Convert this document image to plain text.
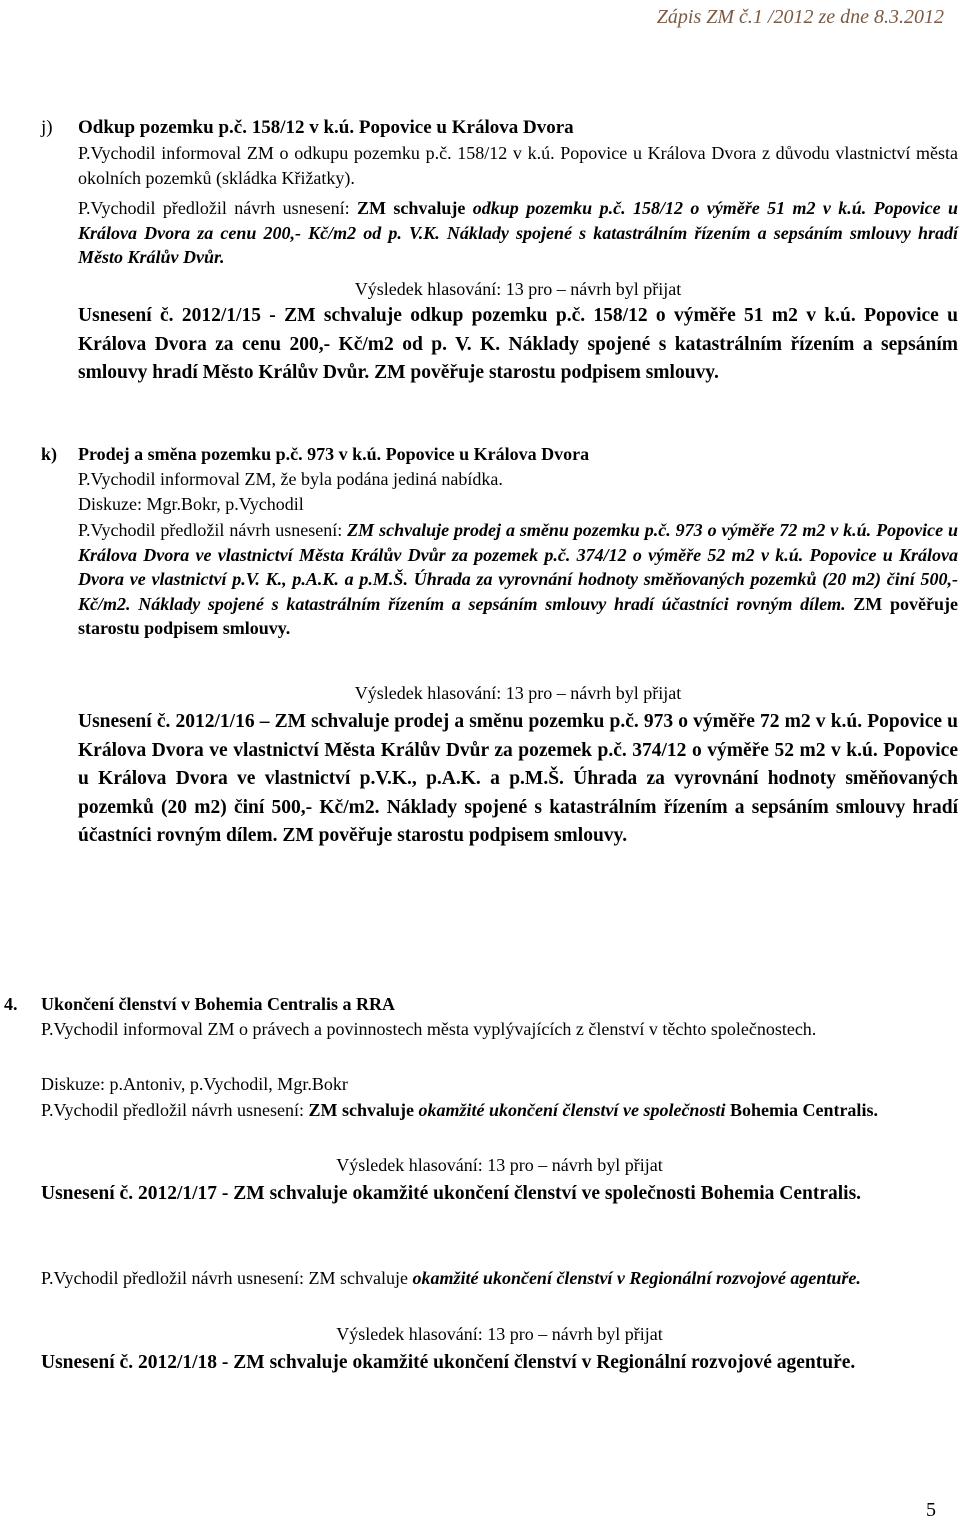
Zápis ZM č.1 /2012 ze dne 8.3.2012
j) Odkup pozemku p.č. 158/12 v k.ú. Popovice u Králova Dvora

P.Vychodil informoval ZM o odkupu pozemku p.č. 158/12 v k.ú. Popovice u Králova Dvora z důvodu vlastnictví města okolních pozemků (skládka Křižatky).

P.Vychodil předložil návrh usnesení: ZM schvaluje odkup pozemku p.č. 158/12 o výměře 51 m2 v k.ú. Popovice u Králova Dvora za cenu 200,- Kč/m2 od p. V.K. Náklady spojené s katastrálním řízením a sepsáním smlouvy hradí Město Králův Dvůr.

Výsledek hlasování: 13 pro – návrh byl přijat

Usnesení č. 2012/1/15 - ZM schvaluje odkup pozemku p.č. 158/12 o výměře 51 m2 v k.ú. Popovice u Králova Dvora za cenu 200,- Kč/m2 od p. V. K. Náklady spojené s katastrálním řízením a sepsáním smlouvy hradí Město Králův Dvůr. ZM pověřuje starostu podpisem smlouvy.

k) Prodej a směna pozemku p.č. 973 v k.ú. Popovice u Králova Dvora

P.Vychodil informoval ZM, že byla podána jediná nabídka.

Diskuze: Mgr.Bokr, p.Vychodil

P.Vychodil předložil návrh usnesení: ZM schvaluje prodej a směnu pozemku p.č. 973 o výměře 72 m2 v k.ú. Popovice u Králova Dvora ve vlastnictví Města Králův Dvůr za pozemek p.č. 374/12 o výměře 52 m2 v k.ú. Popovice u Králova Dvora ve vlastnictví p.V. K., p.A.K. a p.M.Š. Úhrada za vyrovnání hodnoty směňovaných pozemků (20 m2) činí 500,- Kč/m2. Náklady spojené s katastrálním řízením a sepsáním smlouvy hradí účastníci rovným dílem. ZM pověřuje starostu podpisem smlouvy.

Výsledek hlasování: 13 pro – návrh byl přijat

Usnesení č. 2012/1/16 – ZM schvaluje prodej a směnu pozemku p.č. 973 o výměře 72 m2 v k.ú. Popovice u Králova Dvora ve vlastnictví Města Králův Dvůr za pozemek p.č. 374/12 o výměře 52 m2 v k.ú. Popovice u Králova Dvora ve vlastnictví p.V.K., p.A.K. a p.M.Š. Úhrada za vyrovnání hodnoty směňovaných pozemků (20 m2) činí 500,- Kč/m2. Náklady spojené s katastrálním řízením a sepsáním smlouvy hradí účastníci rovným dílem. ZM pověřuje starostu podpisem smlouvy.

4. Ukončení členství v Bohemia Centralis a RRA

P.Vychodil informoval ZM o právech a povinnostech města vyplývajících z členství v těchto společnostech.

Diskuze: p.Antoniv, p.Vychodil, Mgr.Bokr

P.Vychodil předložil návrh usnesení: ZM schvaluje okamžité ukončení členství ve společnosti Bohemia Centralis.

Výsledek hlasování: 13 pro – návrh byl přijat

Usnesení č. 2012/1/17 - ZM schvaluje okamžité ukončení členství ve společnosti Bohemia Centralis.

P.Vychodil předložil návrh usnesení: ZM schvaluje okamžité ukončení členství v Regionální rozvojové agentuře.

Výsledek hlasování: 13 pro – návrh byl přijat

Usnesení č. 2012/1/18 - ZM schvaluje okamžité ukončení členství v Regionální rozvojové agentuře.

5
